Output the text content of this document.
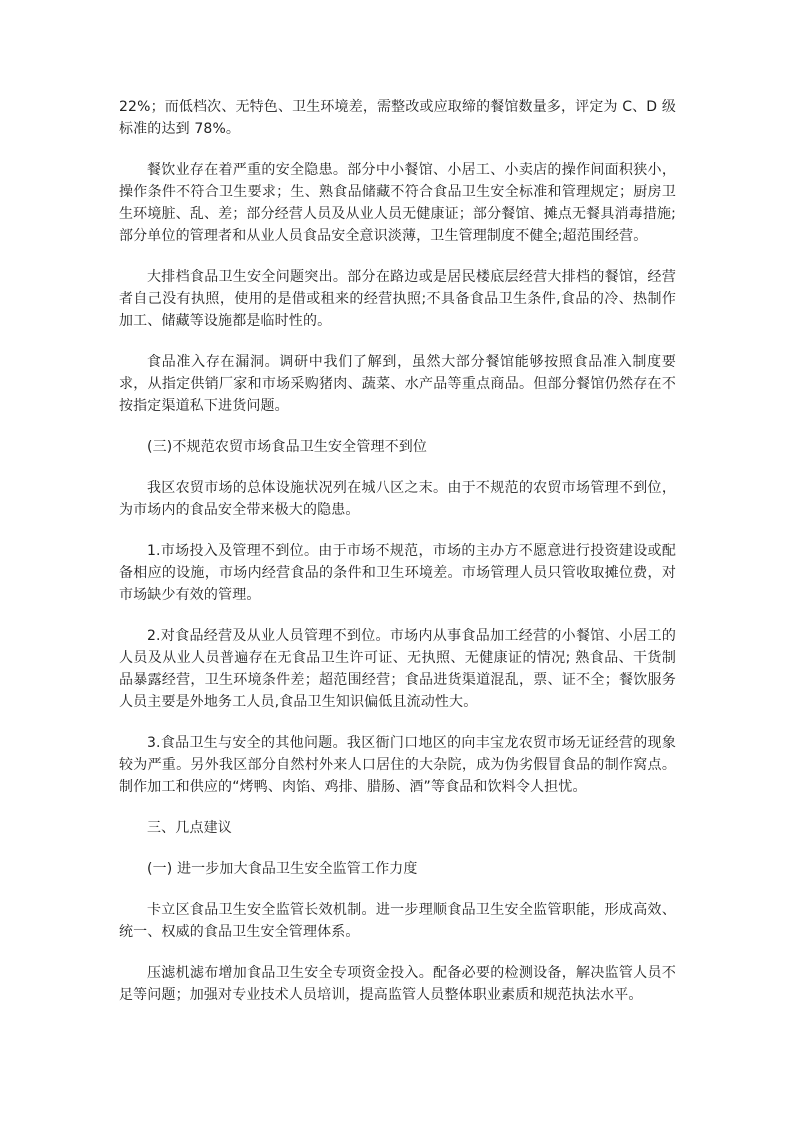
22%；而低档次、无特色、卫生环境差，需整改或应取缔的餐馆数量多，评定为 C、D 级标准的达到 78%。

餐饮业存在着严重的安全隐患。部分中小餐馆、小居工、小卖店的操作间面积狭小，操作条件不符合卫生要求；生、熟食品储藏不符合食品卫生安全标准和管理规定；厨房卫生环境脏、乱、差；部分经营人员及从业人员无健康证；部分餐馆、摊点无餐具消毒措施;部分单位的管理者和从业人员食品安全意识淡薄，卫生管理制度不健全;超范围经营。

大排档食品卫生安全问题突出。部分在路边或是居民楼底层经营大排档的餐馆，经营者自己没有执照，使用的是借或租来的经营执照;不具备食品卫生条件,食品的冷、热制作加工、储藏等设施都是临时性的。

食品准入存在漏洞。调研中我们了解到，虽然大部分餐馆能够按照食品准入制度要求，从指定供销厂家和市场采购猪肉、蔬菜、水产品等重点商品。但部分餐馆仍然存在不按指定渠道私下进货问题。

(三)不规范农贸市场食品卫生安全管理不到位

我区农贸市场的总体设施状况列在城八区之末。由于不规范的农贸市场管理不到位，为市场内的食品安全带来极大的隐患。

1.市场投入及管理不到位。由于市场不规范，市场的主办方不愿意进行投资建设或配备相应的设施，市场内经营食品的条件和卫生环境差。市场管理人员只管收取摊位费，对市场缺少有效的管理。

2.对食品经营及从业人员管理不到位。市场内从事食品加工经营的小餐馆、小居工的人员及从业人员普遍存在无食品卫生许可证、无执照、无健康证的情况; 熟食品、干货制品暴露经营，卫生环境条件差；超范围经营；食品进货渠道混乱，票、证不全；餐饮服务人员主要是外地务工人员,食品卫生知识偏低且流动性大。

3.食品卫生与安全的其他问题。我区衙门口地区的向丰宝龙农贸市场无证经营的现象较为严重。另外我区部分自然村外来人口居住的大杂院，成为伪劣假冒食品的制作窝点。制作加工和供应的“烤鸭、肉馅、鸡排、腊肠、酒”等食品和饮料令人担忧。

三、几点建议

(一) 进一步加大食品卫生安全监管工作力度

卡立区食品卫生安全监管长效机制。进一步理顺食品卫生安全监管职能，形成高效、统一、权威的食品卫生安全管理体系。

压滤机滤布增加食品卫生安全专项资金投入。配备必要的检测设备，解决监管人员不足等问题；加强对专业技术人员培训，提高监管人员整体职业素质和规范执法水平。
